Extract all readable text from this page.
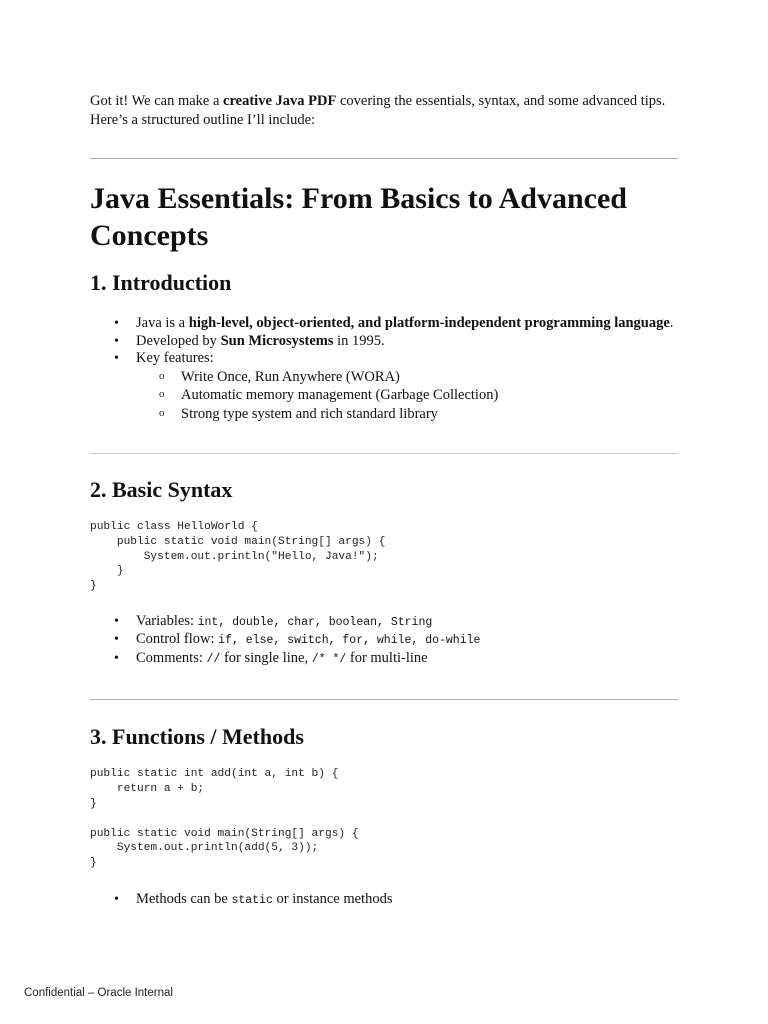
Got it! We can make a creative Java PDF covering the essentials, syntax, and some advanced tips. Here’s a structured outline I’ll include:

Java Essentials: From Basics to Advanced Concepts
1. Introduction
• Java is a high-level, object-oriented, and platform-independent programming language.
• Developed by Sun Microsystems in 1995.
• Key features:
o Write Once, Run Anywhere (WORA)
o Automatic memory management (Garbage Collection)
o Strong type system and rich standard library
2. Basic Syntax
public class HelloWorld {
public static void main(String[] args) {
System.out.println("Hello, Java!");
}
}
• Variables: int, double, char, boolean, String
• Control flow: if, else, switch, for, while, do-while
• Comments: // for single line, /* */ for multi-line
3. Functions / Methods
public static int add(int a, int b) {
return a + b;
}

public static void main(String[] args) {
System.out.println(add(5, 3));
}
• Methods can be static or instance methods
Confidential – Oracle Internal
